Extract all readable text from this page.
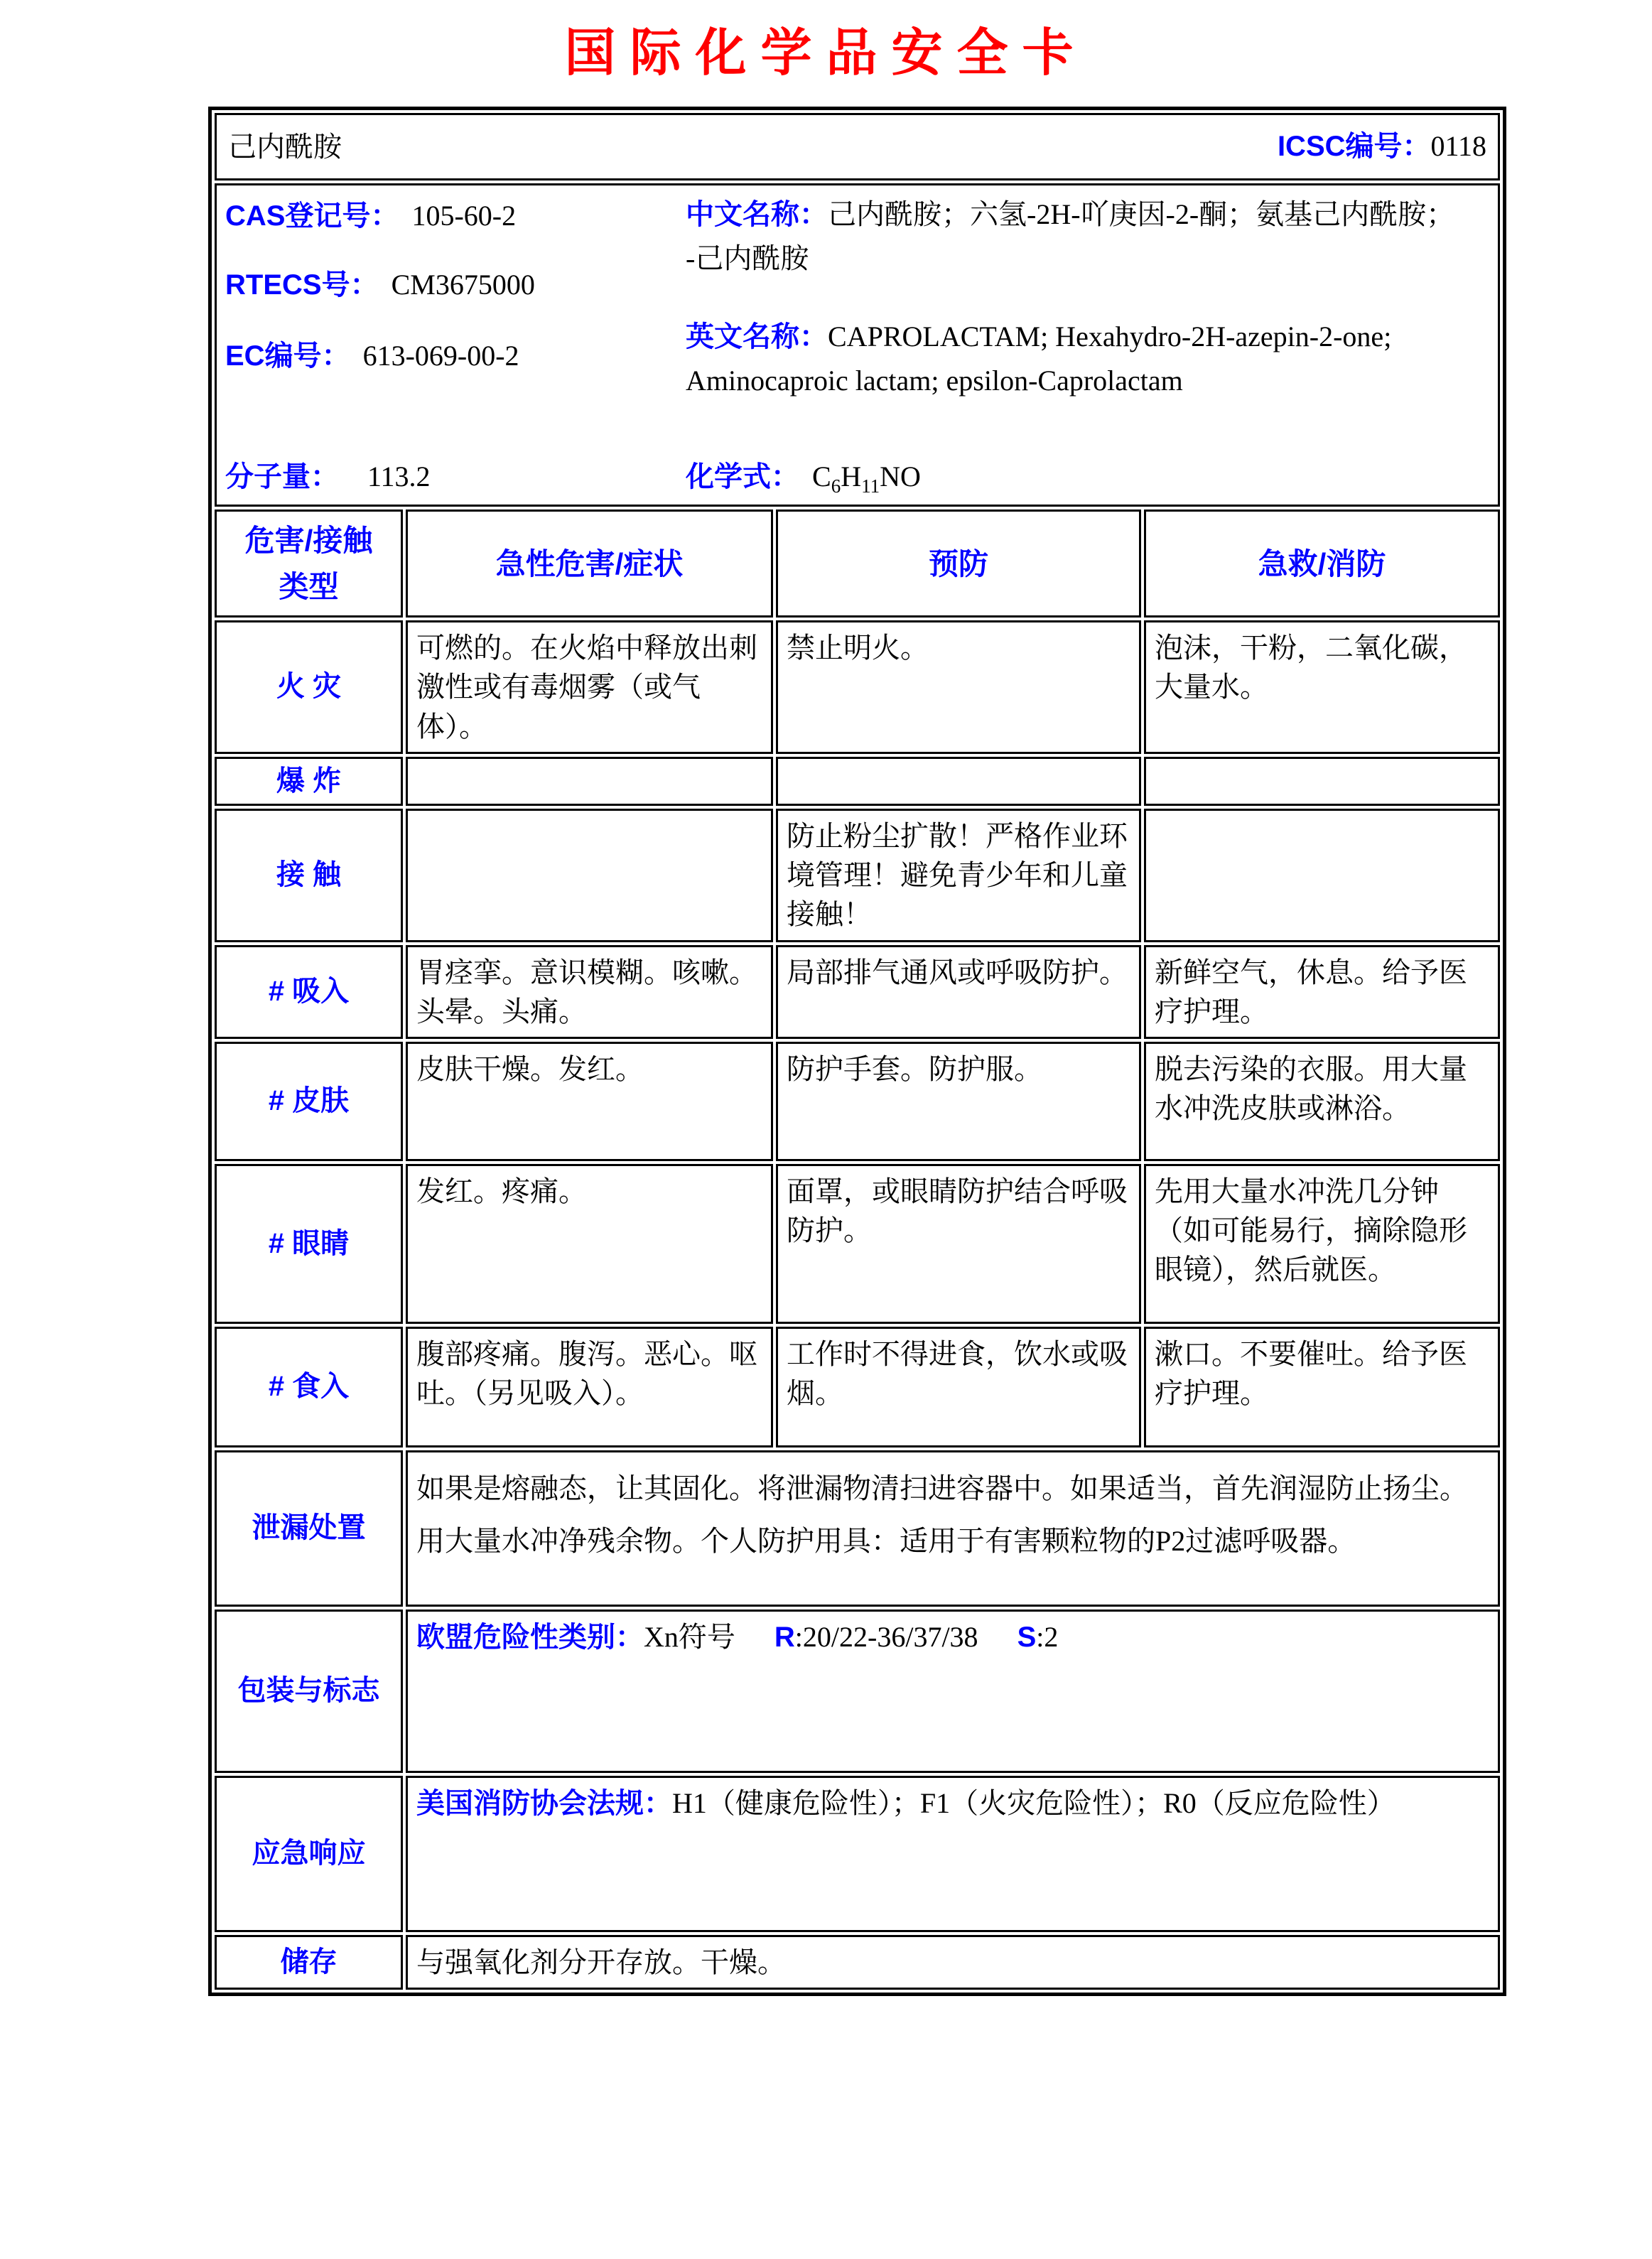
国际化学品安全卡
己内酰胺 ICSC编号：0118			

CAS登记号： 105-60-2
RTECS号： CM3675000
EC编号： 613-069-00-2
分子量： 113.2
中文名称：己内酰胺；六氢-2H-吖庚因-2-酮；氨基己内酰胺； -己内酰胺
英文名称：CAPROLACTAM; Hexahydro-2H-azepin-2-one; Aminocaproic lactam; epsilon-Caprolactam
化学式： $C_6H_{11}NO$

危害/接触
类型	急性危害/症状	预防	急救/消防
火 灾	可燃的。在火焰中释放出刺激性或有毒烟雾（或气体）。	禁止明火。	泡沫，干粉，二氧化碳，大量水。
爆 炸			
接 触		防止粉尘扩散！严格作业环境管理！避免青少年和儿童接触！	
# 吸入	胃痉挛。意识模糊。咳嗽。头晕。头痛。	局部排气通风或呼吸防护。	新鲜空气，休息。给予医疗护理。
# 皮肤	皮肤干燥。发红。	防护手套。防护服。	脱去污染的衣服。用大量水冲洗皮肤或淋浴。
# 眼睛	发红。疼痛。	面罩，或眼睛防护结合呼吸防护。	先用大量水冲洗几分钟（如可能易行，摘除隐形眼镜），然后就医。
# 食入	腹部疼痛。腹泻。恶心。呕吐。（另见吸入）。	工作时不得进食，饮水或吸烟。	漱口。不要催吐。给予医疗护理。
泄漏处置	如果是熔融态，让其固化。将泄漏物清扫进容器中。如果适当，首先润湿防止扬尘。用大量水冲净残余物。个人防护用具：适用于有害颗粒物的P2过滤呼吸器。		
包装与标志	欧盟危险性类别：Xn符号 R:20/22-36/37/38 S:2		
应急响应	美国消防协会法规：H1（健康危险性）；F1（火灾危险性）；R0（反应危险性）		
储存	与强氧化剂分开存放。干燥。		
